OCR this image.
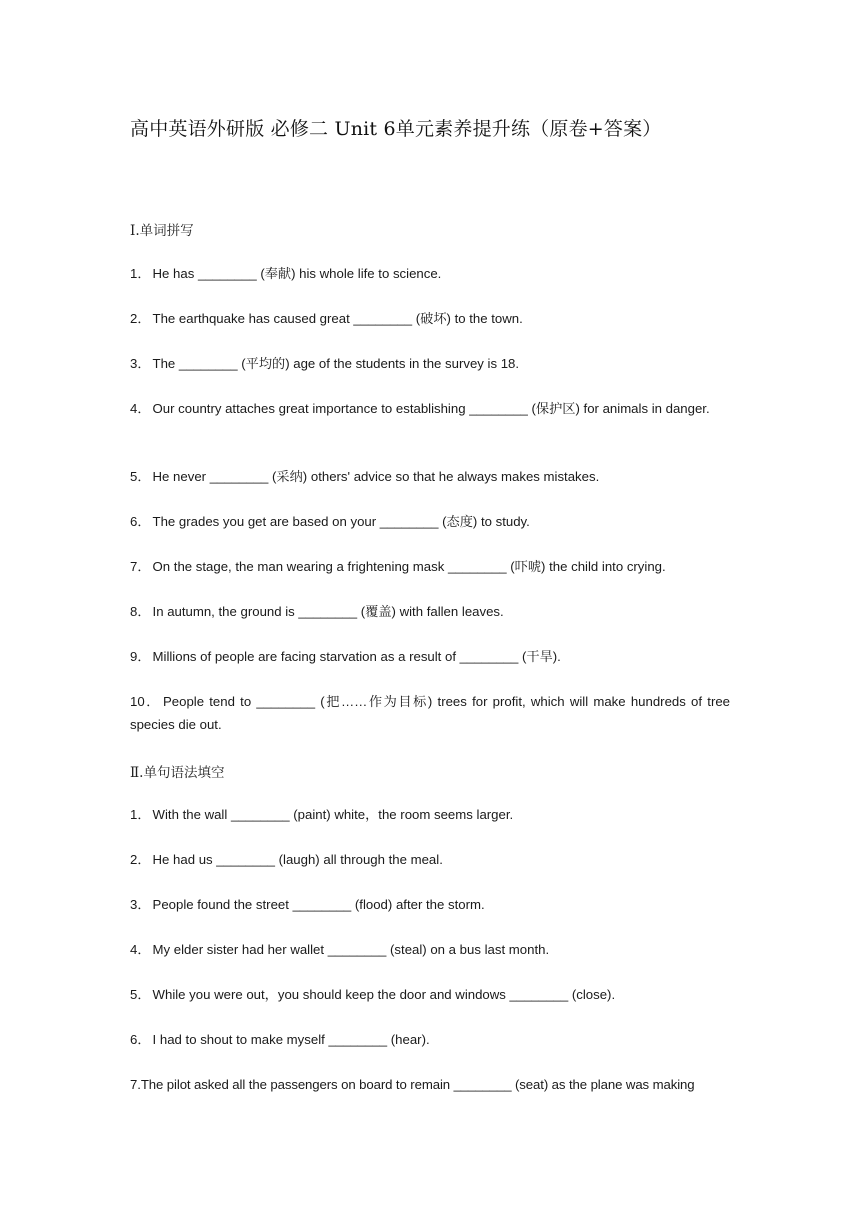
高中英语外研版 必修二 Unit 6单元素养提升练（原卷+答案）
Ⅰ.单词拼写
1． He has ________ (奉献) his whole life to science.
2． The earthquake has caused great ________ (破坏) to the town.
3． The ________ (平均的) age of the students in the survey is 18.
4． Our country attaches great importance to establishing ________ (保护区) for animals in danger.
5． He never ________ (采纳) others' advice so that he always makes mistakes.
6． The grades you get are based on your ________ (态度) to study.
7． On the stage, the man wearing a frightening mask ________ (吓唬) the child into crying.
8． In autumn, the ground is ________ (覆盖) with fallen leaves.
9． Millions of people are facing starvation as a result of ________ (干旱).
10． People tend to ________ (把……作为目标) trees for profit, which will make hundreds of tree species die out.
Ⅱ.单句语法填空
1． With the wall ________ (paint) white，the room seems larger.
2． He had us ________ (laugh) all through the meal.
3． People found the street ________ (flood) after the storm.
4． My elder sister had her wallet ________ (steal) on a bus last month.
5． While you were out，you should keep the door and windows ________ (close).
6． I had to shout to make myself ________ (hear).
7.The pilot asked all the passengers on board to remain ________ (seat) as the plane was making
